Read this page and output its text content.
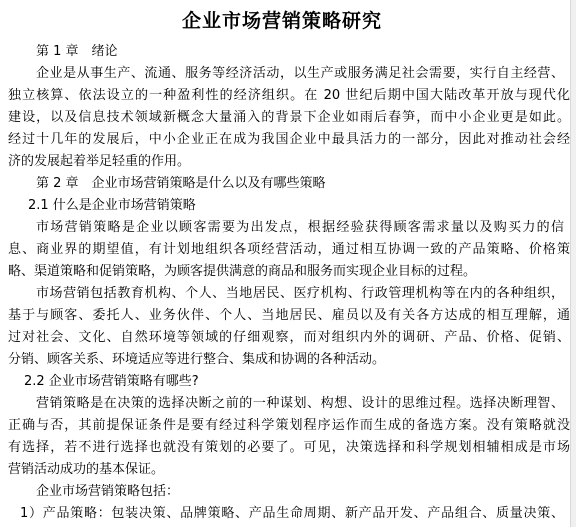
企业市场营销策略研究
第 1 章　绪论
企业是从事生产、流通、服务等经济活动，以生产或服务满足社会需要，实行自主经营、
独立核算、依法设立的一种盈利性的经济组织。在 20 世纪后期中国大陆改革开放与现代化
建设，以及信息技术领域新概念大量涌入的背景下企业如雨后春笋，而中小企业更是如此。
经过十几年的发展后，中小企业正在成为我国企业中最具活力的一部分，因此对推动社会经
济的发展起着举足轻重的作用。
第 2 章　企业市场营销策略是什么以及有哪些策略
2.1 什么是企业市场营销策略
市场营销策略是企业以顾客需要为出发点，根据经验获得顾客需求量以及购买力的信
息、商业界的期望值，有计划地组织各项经营活动，通过相互协调一致的产品策略、价格策
略、渠道策略和促销策略，为顾客提供满意的商品和服务而实现企业目标的过程。
市场营销包括教育机构、个人、当地居民、医疗机构、行政管理机构等在内的各种组织，
基于与顾客、委托人、业务伙伴、个人、当地居民、雇员以及有关各方达成的相互理解，通
过对社会、文化、自然环境等领域的仔细观察，而对组织内外的调研、产品、价格、促销、
分销、顾客关系、环境适应等进行整合、集成和协调的各种活动。
2.2 企业市场营销策略有哪些?
营销策略是在决策的选择决断之前的一种谋划、构想、设计的思维过程。选择决断理智、
正确与否，其前提保证条件是要有经过科学策划程序运作而生成的备选方案。没有策略就没
有选择，若不进行选择也就没有策划的必要了。可见，决策选择和科学规划相辅相成是市场
营销活动成功的基本保证。
企业市场营销策略包括：
1）产品策略：包装决策、品牌策略、产品生命周期、新产品开发、产品组合、质量决策、
